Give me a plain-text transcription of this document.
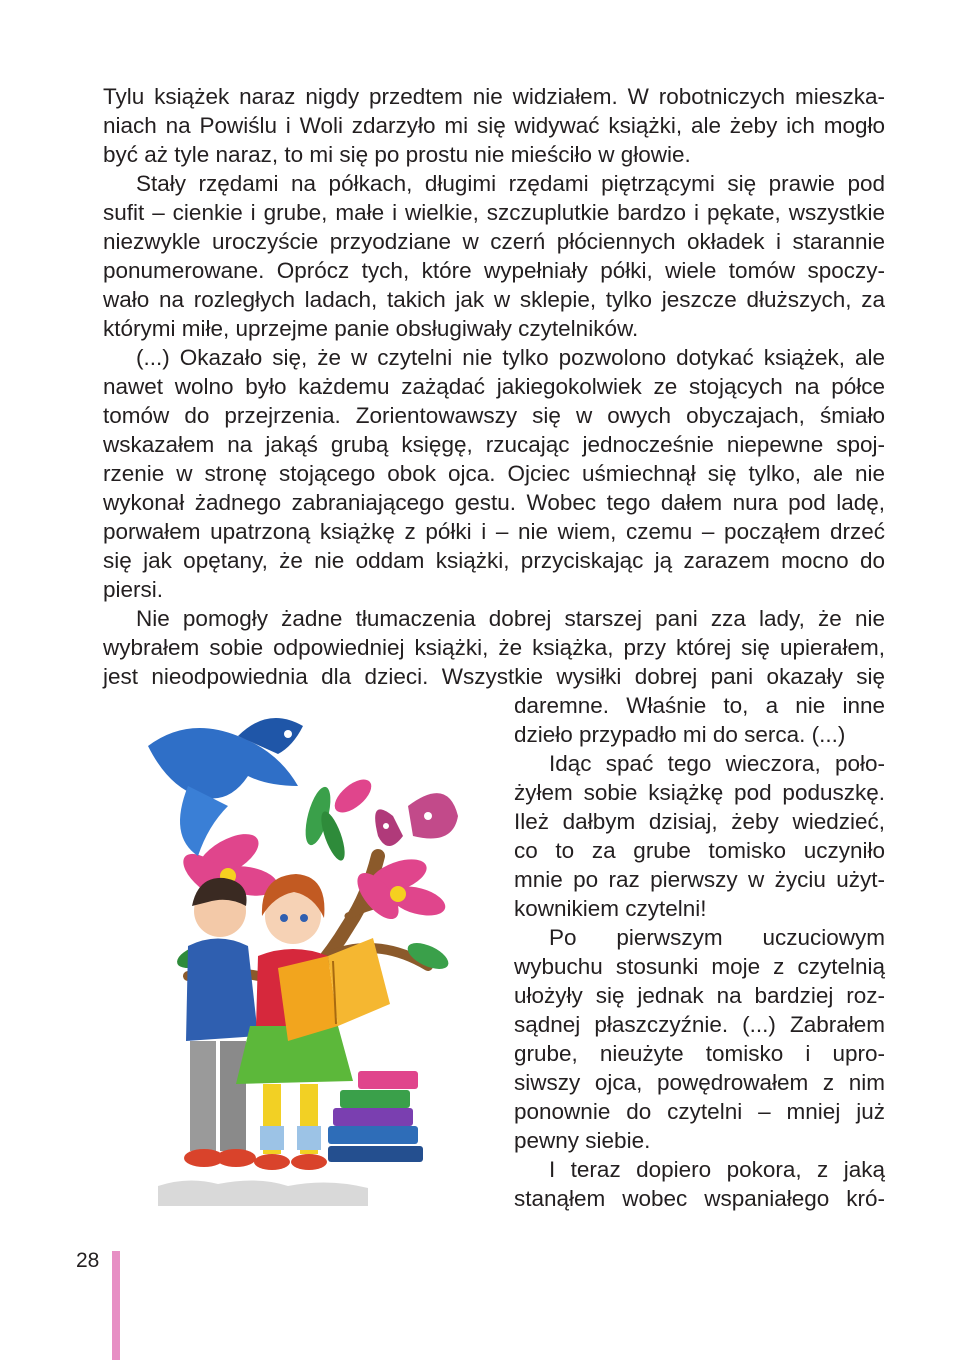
Tylu książek naraz nigdy przedtem nie widziałem. W robotniczych mieszka-

niach na Powiślu i Woli zdarzyło mi się widywać książki, ale żeby ich mogło

być aż tyle naraz, to mi się po prostu nie mieściło w głowie.

Stały rzędami na półkach, długimi rzędami piętrzącymi się prawie pod

sufit – cienkie i grube, małe i wielkie, szczuplutkie bardzo i pękate, wszystkie

niezwykle uroczyście przyodziane w czerń płóciennych okładek i starannie

ponumerowane. Oprócz tych, które wypełniały półki, wiele tomów spoczy-

wało na rozległych ladach, takich jak w sklepie, tylko jeszcze dłuższych, za

którymi miłe, uprzejme panie obsługiwały czytelników.

(...) Okazało się, że w czytelni nie tylko pozwolono dotykać książek, ale

nawet wolno było każdemu zażądać jakiegokolwiek ze stojących na półce

tomów do przejrzenia. Zorientowawszy się w owych obyczajach, śmiało

wskazałem na jakąś grubą księgę, rzucając jednocześnie niepewne spoj-

rzenie w stronę stojącego obok ojca. Ojciec uśmiechnął się tylko, ale nie

wykonał żadnego zabraniającego gestu. Wobec tego dałem nura pod ladę,

porwałem upatrzoną książkę z półki i – nie wiem, czemu – począłem drzeć

się jak opętany, że nie oddam książki, przyciskając ją zarazem mocno do

piersi.

Nie pomogły żadne tłumaczenia dobrej starszej pani zza lady, że nie

wybrałem sobie odpowiedniej książki, że książka, przy której się upierałem,

jest nieodpowiednia dla dzieci. Wszystkie wysiłki dobrej pani okazały się

daremne. Właśnie to, a nie inne

dzieło przypadło mi do serca. (...)

Idąc spać tego wieczora, poło-

żyłem sobie książkę pod poduszkę.

Ileż dałbym dzisiaj, żeby wiedzieć,

co to za grube tomisko uczyniło

mnie po raz pierwszy w życiu użyt-

kownikiem czytelni!

Po pierwszym uczuciowym

wybuchu stosunki moje z czytelnią

ułożyły się jednak na bardziej roz-

sądnej płaszczyźnie. (...) Zabrałem

grube, nieużyte tomisko i upro-

siwszy ojca, powędrowałem z nim

ponownie do czytelni – mniej już

pewny siebie.

I teraz dopiero pokora, z jaką

stanąłem wobec wspaniałego kró-

28
